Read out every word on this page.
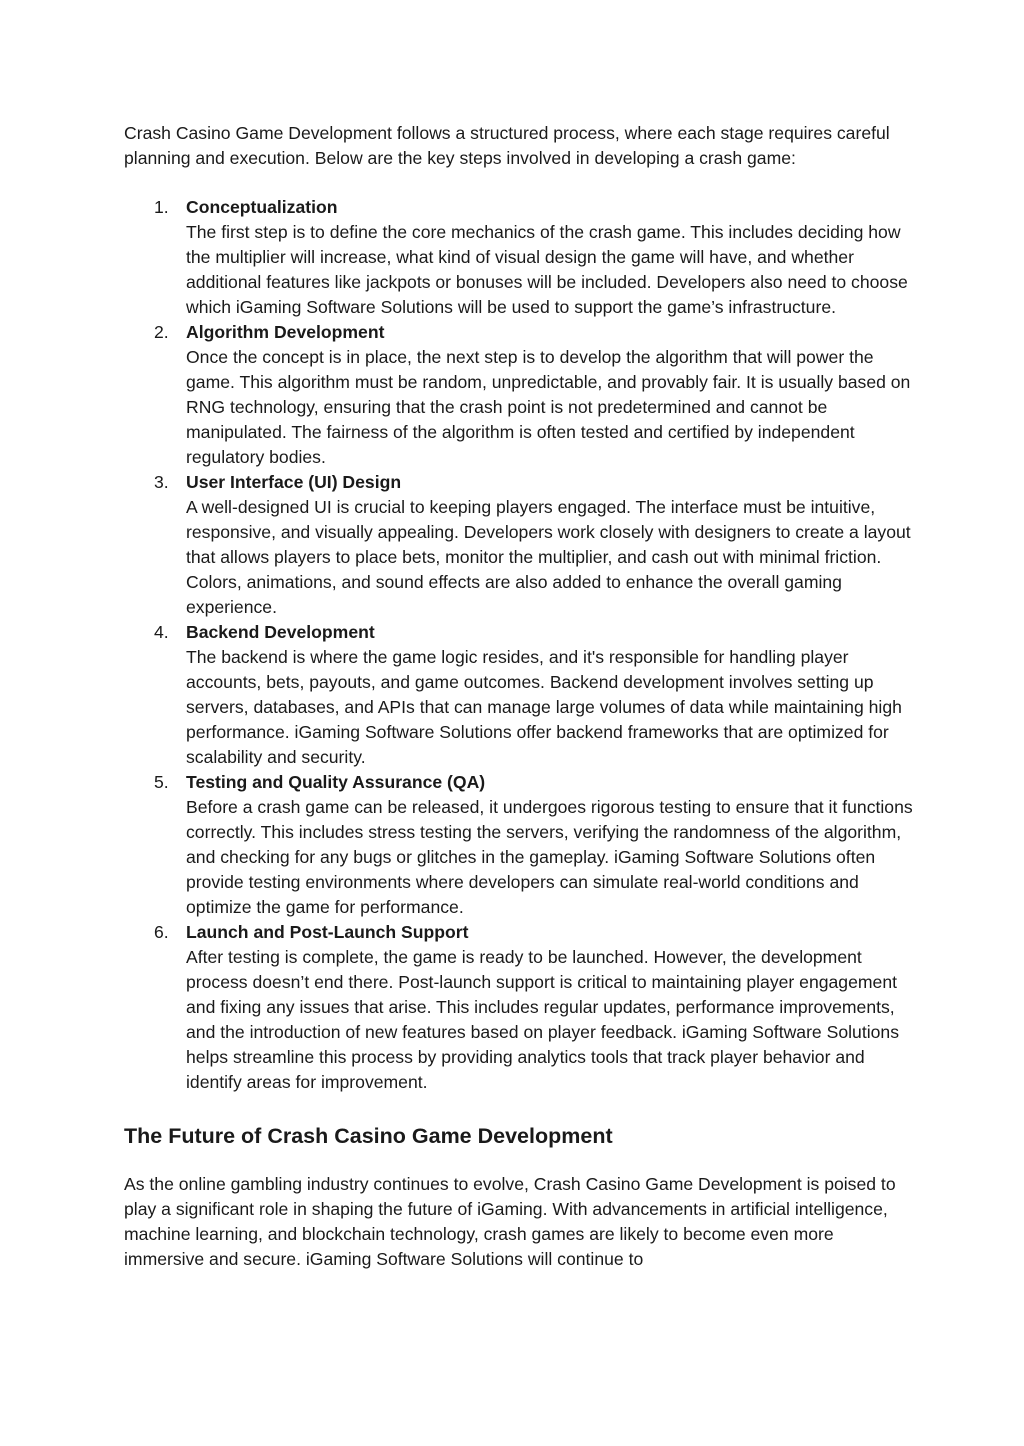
Crash Casino Game Development follows a structured process, where each stage requires careful planning and execution. Below are the key steps involved in developing a crash game:

1. Conceptualization
The first step is to define the core mechanics of the crash game. This includes deciding how the multiplier will increase, what kind of visual design the game will have, and whether additional features like jackpots or bonuses will be included. Developers also need to choose which iGaming Software Solutions will be used to support the game’s infrastructure.
2. Algorithm Development
Once the concept is in place, the next step is to develop the algorithm that will power the game. This algorithm must be random, unpredictable, and provably fair. It is usually based on RNG technology, ensuring that the crash point is not predetermined and cannot be manipulated. The fairness of the algorithm is often tested and certified by independent regulatory bodies.
3. User Interface (UI) Design
A well-designed UI is crucial to keeping players engaged. The interface must be intuitive, responsive, and visually appealing. Developers work closely with designers to create a layout that allows players to place bets, monitor the multiplier, and cash out with minimal friction. Colors, animations, and sound effects are also added to enhance the overall gaming experience.
4. Backend Development
The backend is where the game logic resides, and it's responsible for handling player accounts, bets, payouts, and game outcomes. Backend development involves setting up servers, databases, and APIs that can manage large volumes of data while maintaining high performance. iGaming Software Solutions offer backend frameworks that are optimized for scalability and security.
5. Testing and Quality Assurance (QA)
Before a crash game can be released, it undergoes rigorous testing to ensure that it functions correctly. This includes stress testing the servers, verifying the randomness of the algorithm, and checking for any bugs or glitches in the gameplay. iGaming Software Solutions often provide testing environments where developers can simulate real-world conditions and optimize the game for performance.
6. Launch and Post-Launch Support
After testing is complete, the game is ready to be launched. However, the development process doesn’t end there. Post-launch support is critical to maintaining player engagement and fixing any issues that arise. This includes regular updates, performance improvements, and the introduction of new features based on player feedback. iGaming Software Solutions helps streamline this process by providing analytics tools that track player behavior and identify areas for improvement.
The Future of Crash Casino Game Development

As the online gambling industry continues to evolve, Crash Casino Game Development is poised to play a significant role in shaping the future of iGaming. With advancements in artificial intelligence, machine learning, and blockchain technology, crash games are likely to become even more immersive and secure. iGaming Software Solutions will continue to
